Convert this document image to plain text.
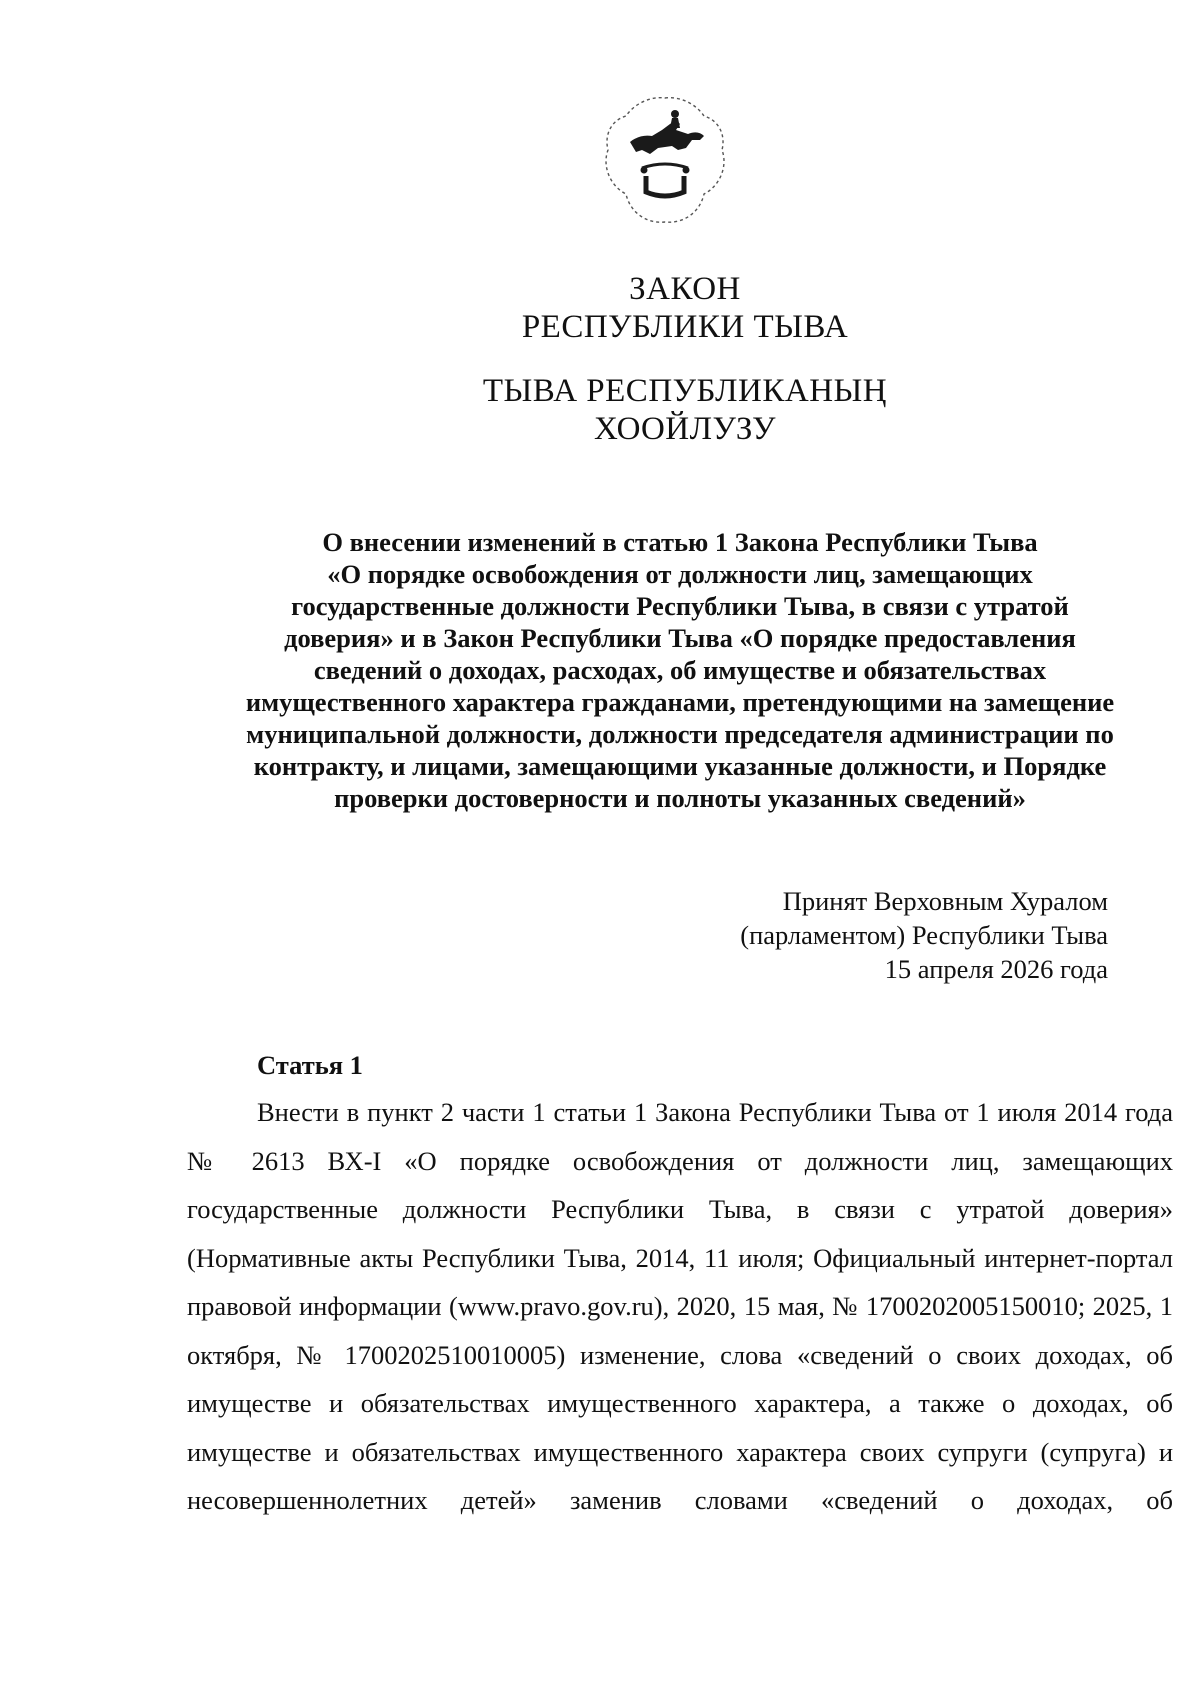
ЗАКОН
РЕСПУБЛИКИ ТЫВА
ТЫВА РЕСПУБЛИКАНЫҢ
ХООЙЛУЗУ
О внесении изменений в статью 1 Закона Республики Тыва
«О порядке освобождения от должности лиц, замещающих
государственные должности Республики Тыва, в связи с утратой
доверия» и в Закон Республики Тыва «О порядке предоставления
сведений о доходах, расходах, об имуществе и обязательствах
имущественного характера гражданами, претендующими на замещение
муниципальной должности, должности председателя администрации по
контракту, и лицами, замещающими указанные должности, и Порядке
проверки достоверности и полноты указанных сведений»
Принят Верховным Хуралом
(парламентом) Республики Тыва
15 апреля 2026 года
Статья 1

Внести в пункт 2 части 1 статьи 1 Закона Республики Тыва от 1 июля 2014 года № 2613 ВХ-I «О порядке освобождения от должности лиц, замещающих государственные должности Республики Тыва, в связи с утратой доверия» (Нормативные акты Республики Тыва, 2014, 11 июля; Официальный интернет-портал правовой информации (www.pravo.gov.ru), 2020, 15 мая, № 1700202005150010; 2025, 1 октября, № 1700202510010005) изменение, слова «сведений о своих доходах, об имуществе и обязательствах имущественного характера, а также о доходах, об имуществе и обязательствах имущественного характера своих супруги (супруга) и несовершеннолетних детей» заменив словами «сведений о доходах, об
